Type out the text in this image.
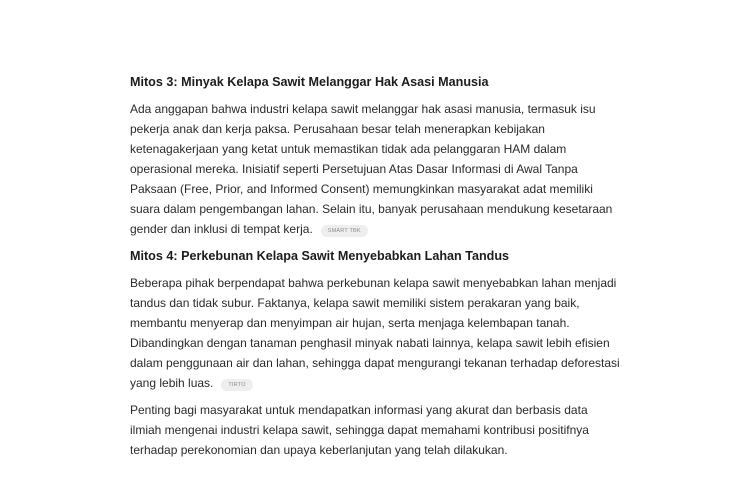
Mitos 3: Minyak Kelapa Sawit Melanggar Hak Asasi Manusia

Ada anggapan bahwa industri kelapa sawit melanggar hak asasi manusia, termasuk isu pekerja anak dan kerja paksa. Perusahaan besar telah menerapkan kebijakan ketenagakerjaan yang ketat untuk memastikan tidak ada pelanggaran HAM dalam operasional mereka. Inisiatif seperti Persetujuan Atas Dasar Informasi di Awal Tanpa Paksaan (Free, Prior, and Informed Consent) memungkinkan masyarakat adat memiliki suara dalam pengembangan lahan. Selain itu, banyak perusahaan mendukung kesetaraan gender dan inklusi di tempat kerja.	SMART TBK

Mitos 4: Perkebunan Kelapa Sawit Menyebabkan Lahan Tandus

Beberapa pihak berpendapat bahwa perkebunan kelapa sawit menyebabkan lahan menjadi tandus dan tidak subur. Faktanya, kelapa sawit memiliki sistem perakaran yang baik, membantu menyerap dan menyimpan air hujan, serta menjaga kelembapan tanah. Dibandingkan dengan tanaman penghasil minyak nabati lainnya, kelapa sawit lebih efisien dalam penggunaan air dan lahan, sehingga dapat mengurangi tekanan terhadap deforestasi yang lebih luas.	TIRTO

Penting bagi masyarakat untuk mendapatkan informasi yang akurat dan berbasis data ilmiah mengenai industri kelapa sawit, sehingga dapat memahami kontribusi positifnya terhadap perekonomian dan upaya keberlanjutan yang telah dilakukan.
